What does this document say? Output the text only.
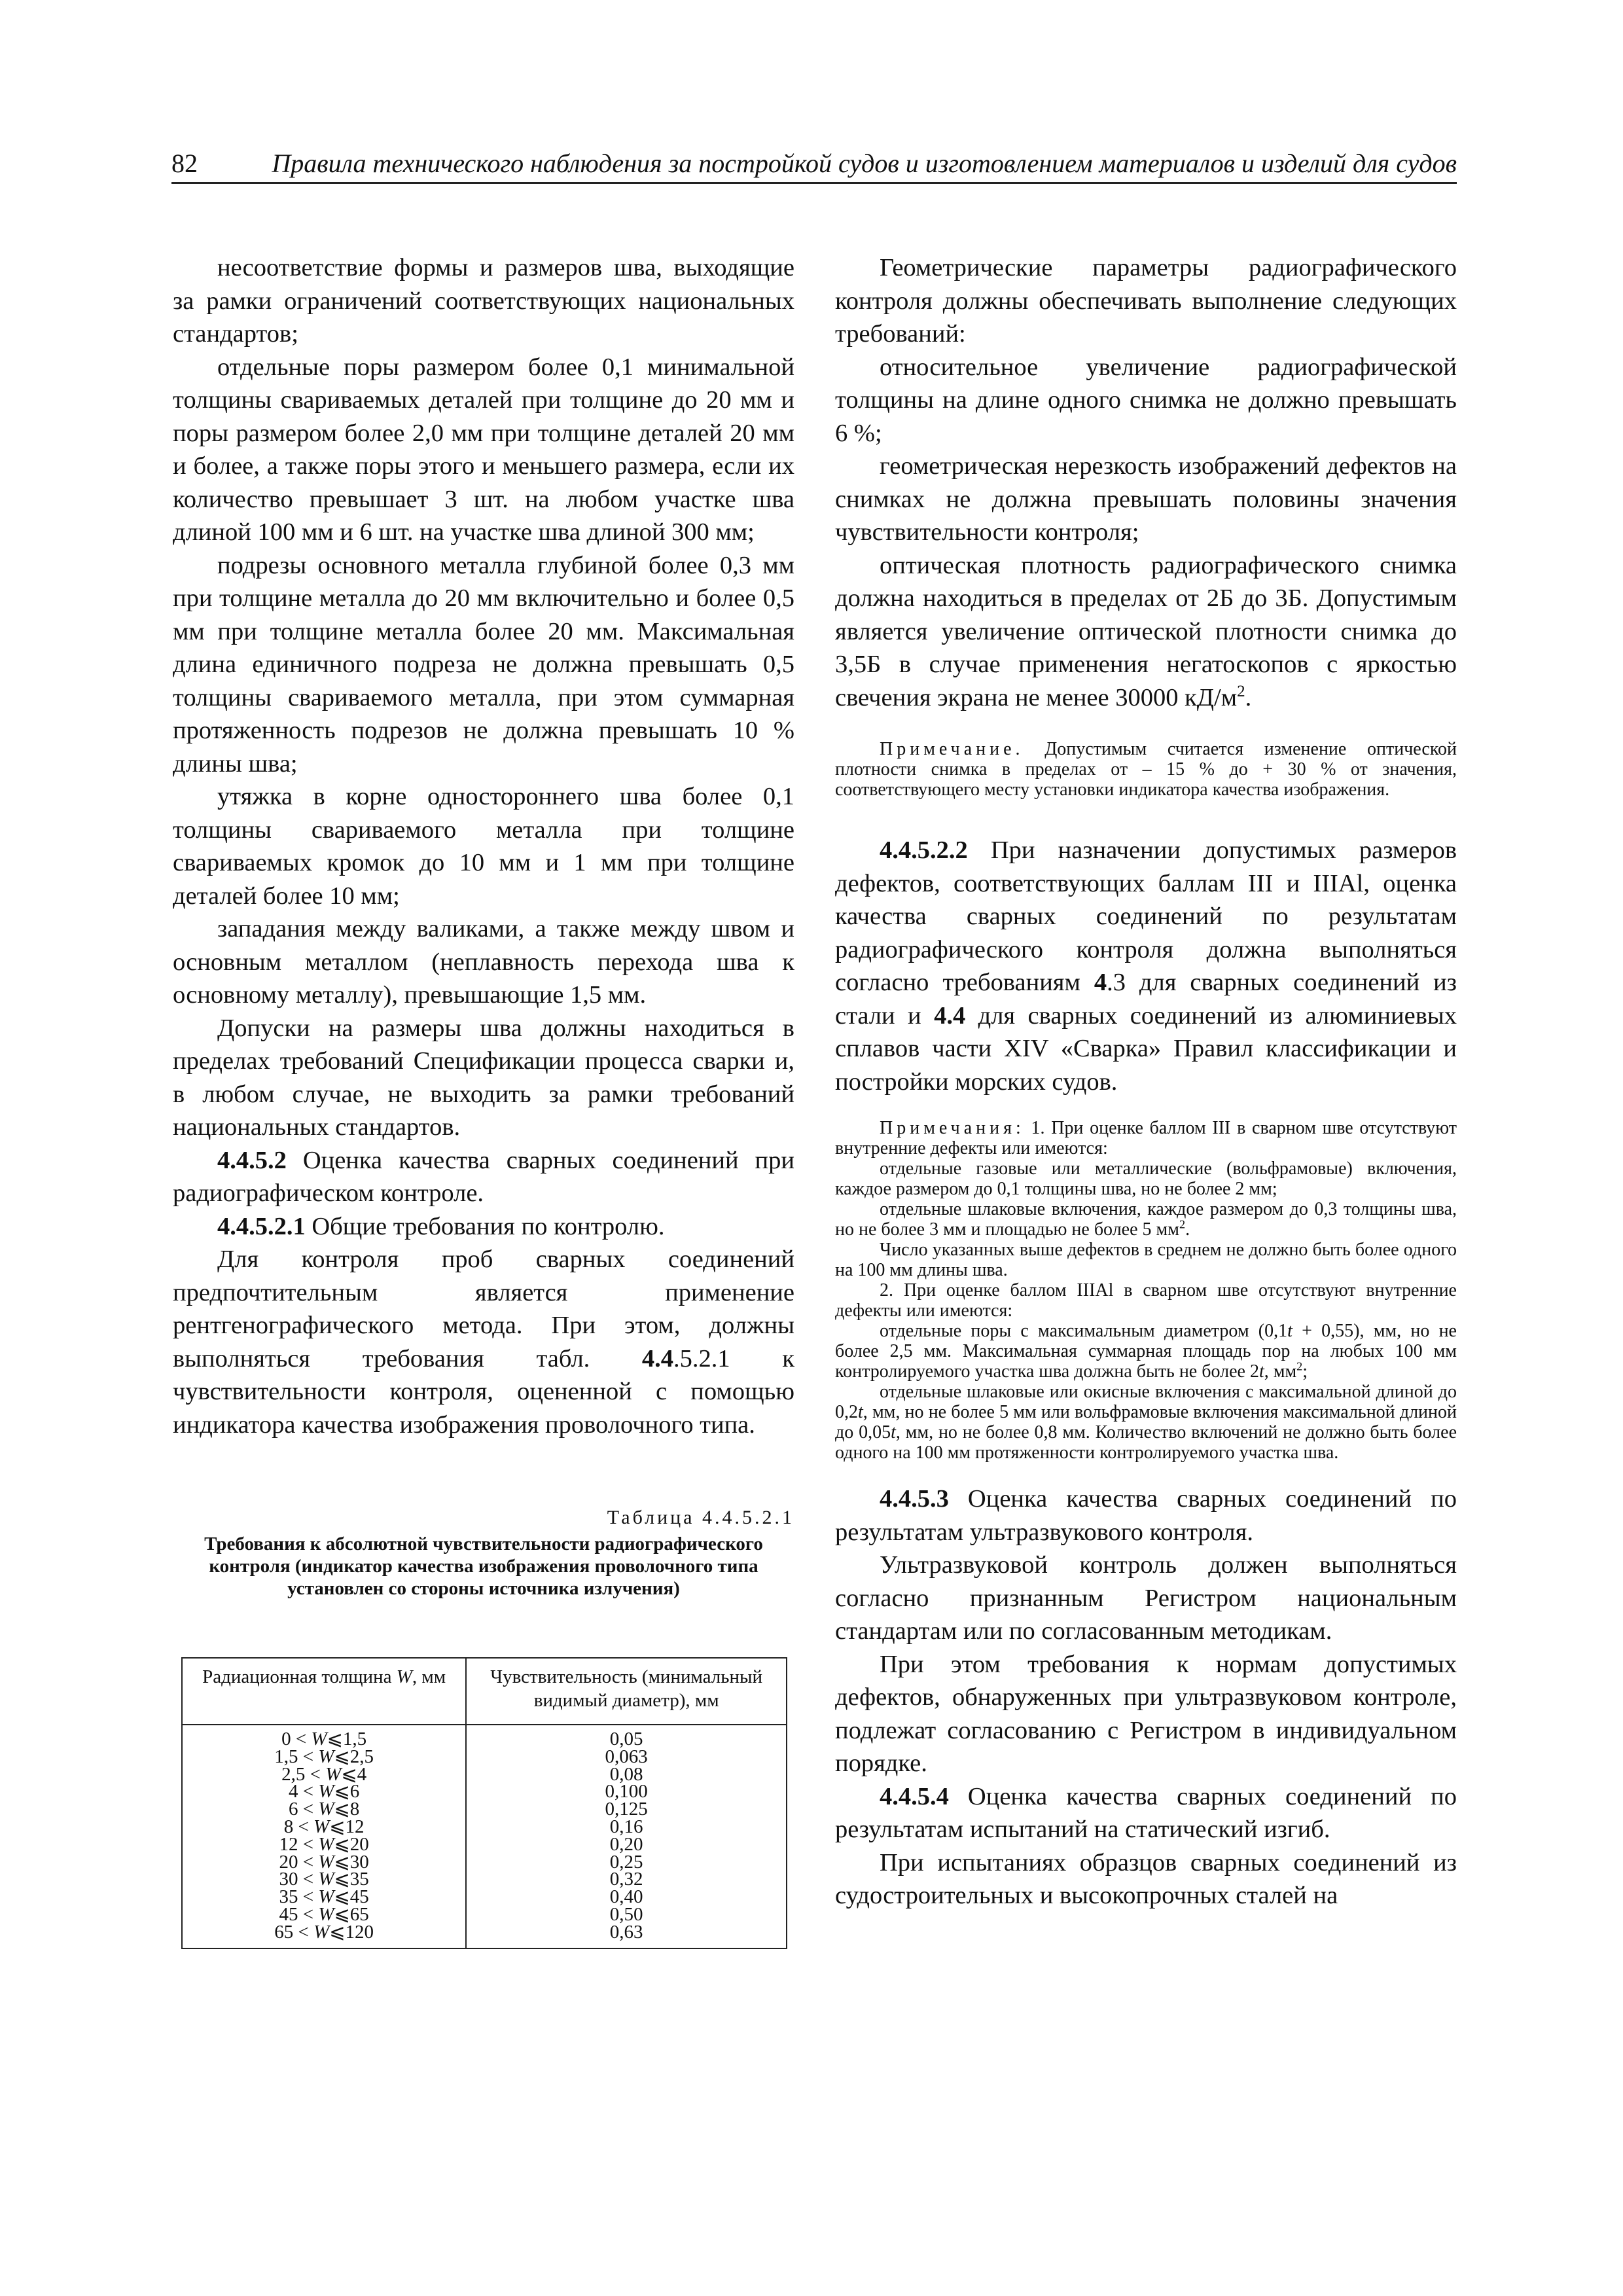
82	Правила технического наблюдения за постройкой судов и изготовлением материалов и изделий для судов

несоответствие формы и размеров шва, выходящие за рамки ограничений соответствующих национальных стандартов;

отдельные поры размером более 0,1 минимальной толщины свариваемых деталей при толщине до 20 мм и поры размером более 2,0 мм при толщине деталей 20 мм и более, а также поры этого и меньшего размера, если их количество превышает 3 шт. на любом участке шва длиной 100 мм и 6 шт. на участке шва длиной 300 мм;

подрезы основного металла глубиной более 0,3 мм при толщине металла до 20 мм включительно и более 0,5 мм при толщине металла более 20 мм. Максимальная длина единичного подреза не должна превышать 0,5 толщины свариваемого металла, при этом суммарная протяженность подрезов не должна превышать 10 % длины шва;

утяжка в корне одностороннего шва более 0,1 толщины свариваемого металла при толщине свариваемых кромок до 10 мм и 1 мм при толщине деталей более 10 мм;

западания между валиками, а также между швом и основным металлом (неплавность перехода шва к основному металлу), превышающие 1,5 мм.

Допуски на размеры шва должны находиться в пределах требований Спецификации процесса сварки и, в любом случае, не выходить за рамки требований национальных стандартов.

4.4.5.2 Оценка качества сварных соединений при радиографическом контроле.

4.4.5.2.1 Общие требования по контролю.

Для контроля проб сварных соединений предпочтительным является применение рентгенографического метода. При этом, должны выполняться требования табл. 4.4.5.2.1 к чувствительности контроля, оцененной с помощью индикатора качества изображения проволочного типа.

Таблица 4.4.5.2.1
Требования к абсолютной чувствительности радиографического контроля (индикатор качества изображения проволочного типа установлен со стороны источника излучения)
Радиационная толщина W, мм	Чувствительность (минимальный видимый диаметр), мм
0 < W⩽1,5	0,05
1,5 < W⩽2,5	0,063
2,5 < W⩽4	0,08
4 < W⩽6	0,100
6 < W⩽8	0,125
8 < W⩽12	0,16
12 < W⩽20	0,20
20 < W⩽30	0,25
30 < W⩽35	0,32
35 < W⩽45	0,40
45 < W⩽65	0,50
65 < W⩽120	0,63

Геометрические параметры радиографического контроля должны обеспечивать выполнение следующих требований:

относительное увеличение радиографической толщины на длине одного снимка не должно превышать 6 %;

геометрическая нерезкость изображений дефектов на снимках не должна превышать половины значения чувствительности контроля;

оптическая плотность радиографического снимка должна находиться в пределах от 2Б до 3Б. Допустимым является увеличение оптической плотности снимка до 3,5Б в случае применения негатоскопов с яркостью свечения экрана не менее 30000 $кД/м^2$.

Примечание. Допустимым считается изменение оптической плотности снимка в пределах от – 15 % до + 30 % от значения, соответствующего месту установки индикатора качества изображения.

4.4.5.2.2 При назначении допустимых размеров дефектов, соответствующих баллам III и IIIAl, оценка качества сварных соединений по результатам радиографического контроля должна выполняться согласно требованиям 4.3 для сварных соединений из стали и 4.4 для сварных соединений из алюминиевых сплавов части XIV «Сварка» Правил классификации и постройки морских судов.

Примечания: 1. При оценке баллом III в сварном шве отсутствуют внутренние дефекты или имеются:

отдельные газовые или металлические (вольфрамовые) включения, каждое размером до 0,1 толщины шва, но не более 2 мм;

отдельные шлаковые включения, каждое размером до 0,3 толщины шва, но не более 3 мм и площадью не более 5 $мм^2$.

Число указанных выше дефектов в среднем не должно быть более одного на 100 мм длины шва.

2. При оценке баллом IIIAl в сварном шве отсутствуют внутренние дефекты или имеются:

отдельные поры с максимальным диаметром (0,1t + 0,55), мм, но не более 2,5 мм. Максимальная суммарная площадь пор на любых 100 мм контролируемого участка шва должна быть не более 2t, $мм^2$;

отдельные шлаковые или окисные включения с максимальной длиной до 0,2t, мм, но не более 5 мм или вольфрамовые включения максимальной длиной до 0,05t, мм, но не более 0,8 мм. Количество включений не должно быть более одного на 100 мм протяженности контролируемого участка шва.

4.4.5.3 Оценка качества сварных соединений по результатам ультразвукового контроля.

Ультразвуковой контроль должен выполняться согласно признанным Регистром национальным стандартам или по согласованным методикам.

При этом требования к нормам допустимых дефектов, обнаруженных при ультразвуковом контроле, подлежат согласованию с Регистром в индивидуальном порядке.

4.4.5.4 Оценка качества сварных соединений по результатам испытаний на статический изгиб.

При испытаниях образцов сварных соединений из судостроительных и высокопрочных сталей на
